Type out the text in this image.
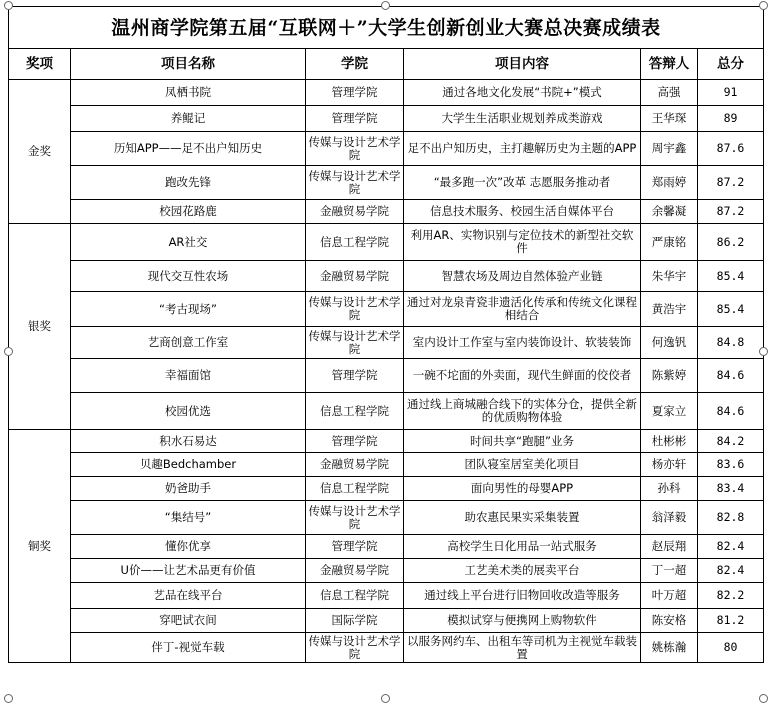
温州商学院第五届“互联网＋”大学生创新创业大赛总决赛成绩表					
奖项	项目名称	学院	项目内容	答辩人	总分
金奖	凤栖书院	管理学院	通过各地文化发展“书院+”模式	高强	91
	养鲲记	管理学院	大学生生活职业规划养成类游戏	王华琛	89
	历知APP——足不出户知历史	传媒与设计艺术学院	足不出户知历史，主打趣解历史为主题的APP	周宇鑫	87.6
	跑改先锋	传媒与设计艺术学院	“最多跑一次”改革 志愿服务推动者	郑雨婷	87.2
	校园花路鹿	金融贸易学院	信息技术服务、校园生活自媒体平台	余馨凝	87.2
银奖	AR社交	信息工程学院	利用AR、实物识别与定位技术的新型社交软件	严康铭	86.2
	现代交互性农场	金融贸易学院	智慧农场及周边自然体验产业链	朱华宇	85.4
	“考古现场”	传媒与设计艺术学院	通过对龙泉青瓷非遗活化传承和传统文化课程相结合	黄浩宇	85.4
	艺商创意工作室	传媒与设计艺术学院	室内设计工作室与室内装饰设计、软装装饰	何逸钒	84.8
	幸福面馆	管理学院	一碗不坨面的外卖面，现代生鲜面的佼佼者	陈紫婷	84.6
	校园优选	信息工程学院	通过线上商城融合线下的实体分仓，提供全新的优质购物体验	夏家立	84.6
铜奖	积水石易达	管理学院	时间共享“跑腿”业务	杜彬彬	84.2
	贝趣Bedchamber	金融贸易学院	团队寝室居室美化项目	杨亦轩	83.6
	奶爸助手	信息工程学院	面向男性的母婴APP	孙科	83.4
	“集结号”	传媒与设计艺术学院	助农惠民果实采集装置	翁泽毅	82.8
	懂你优享	管理学院	高校学生日化用品一站式服务	赵辰翔	82.4
	U价——让艺术品更有价值	金融贸易学院	工艺美术类的展卖平台	丁一超	82.4
	艺品在线平台	信息工程学院	通过线上平台进行旧物回收改造等服务	叶万超	82.2
	穿吧试衣间	国际学院	模拟试穿与便携网上购物软件	陈安格	81.2
	伴丁-视觉车载	传媒与设计艺术学院	以服务网约车、出租车等司机为主视觉车载装置	姚栋瀚	80
